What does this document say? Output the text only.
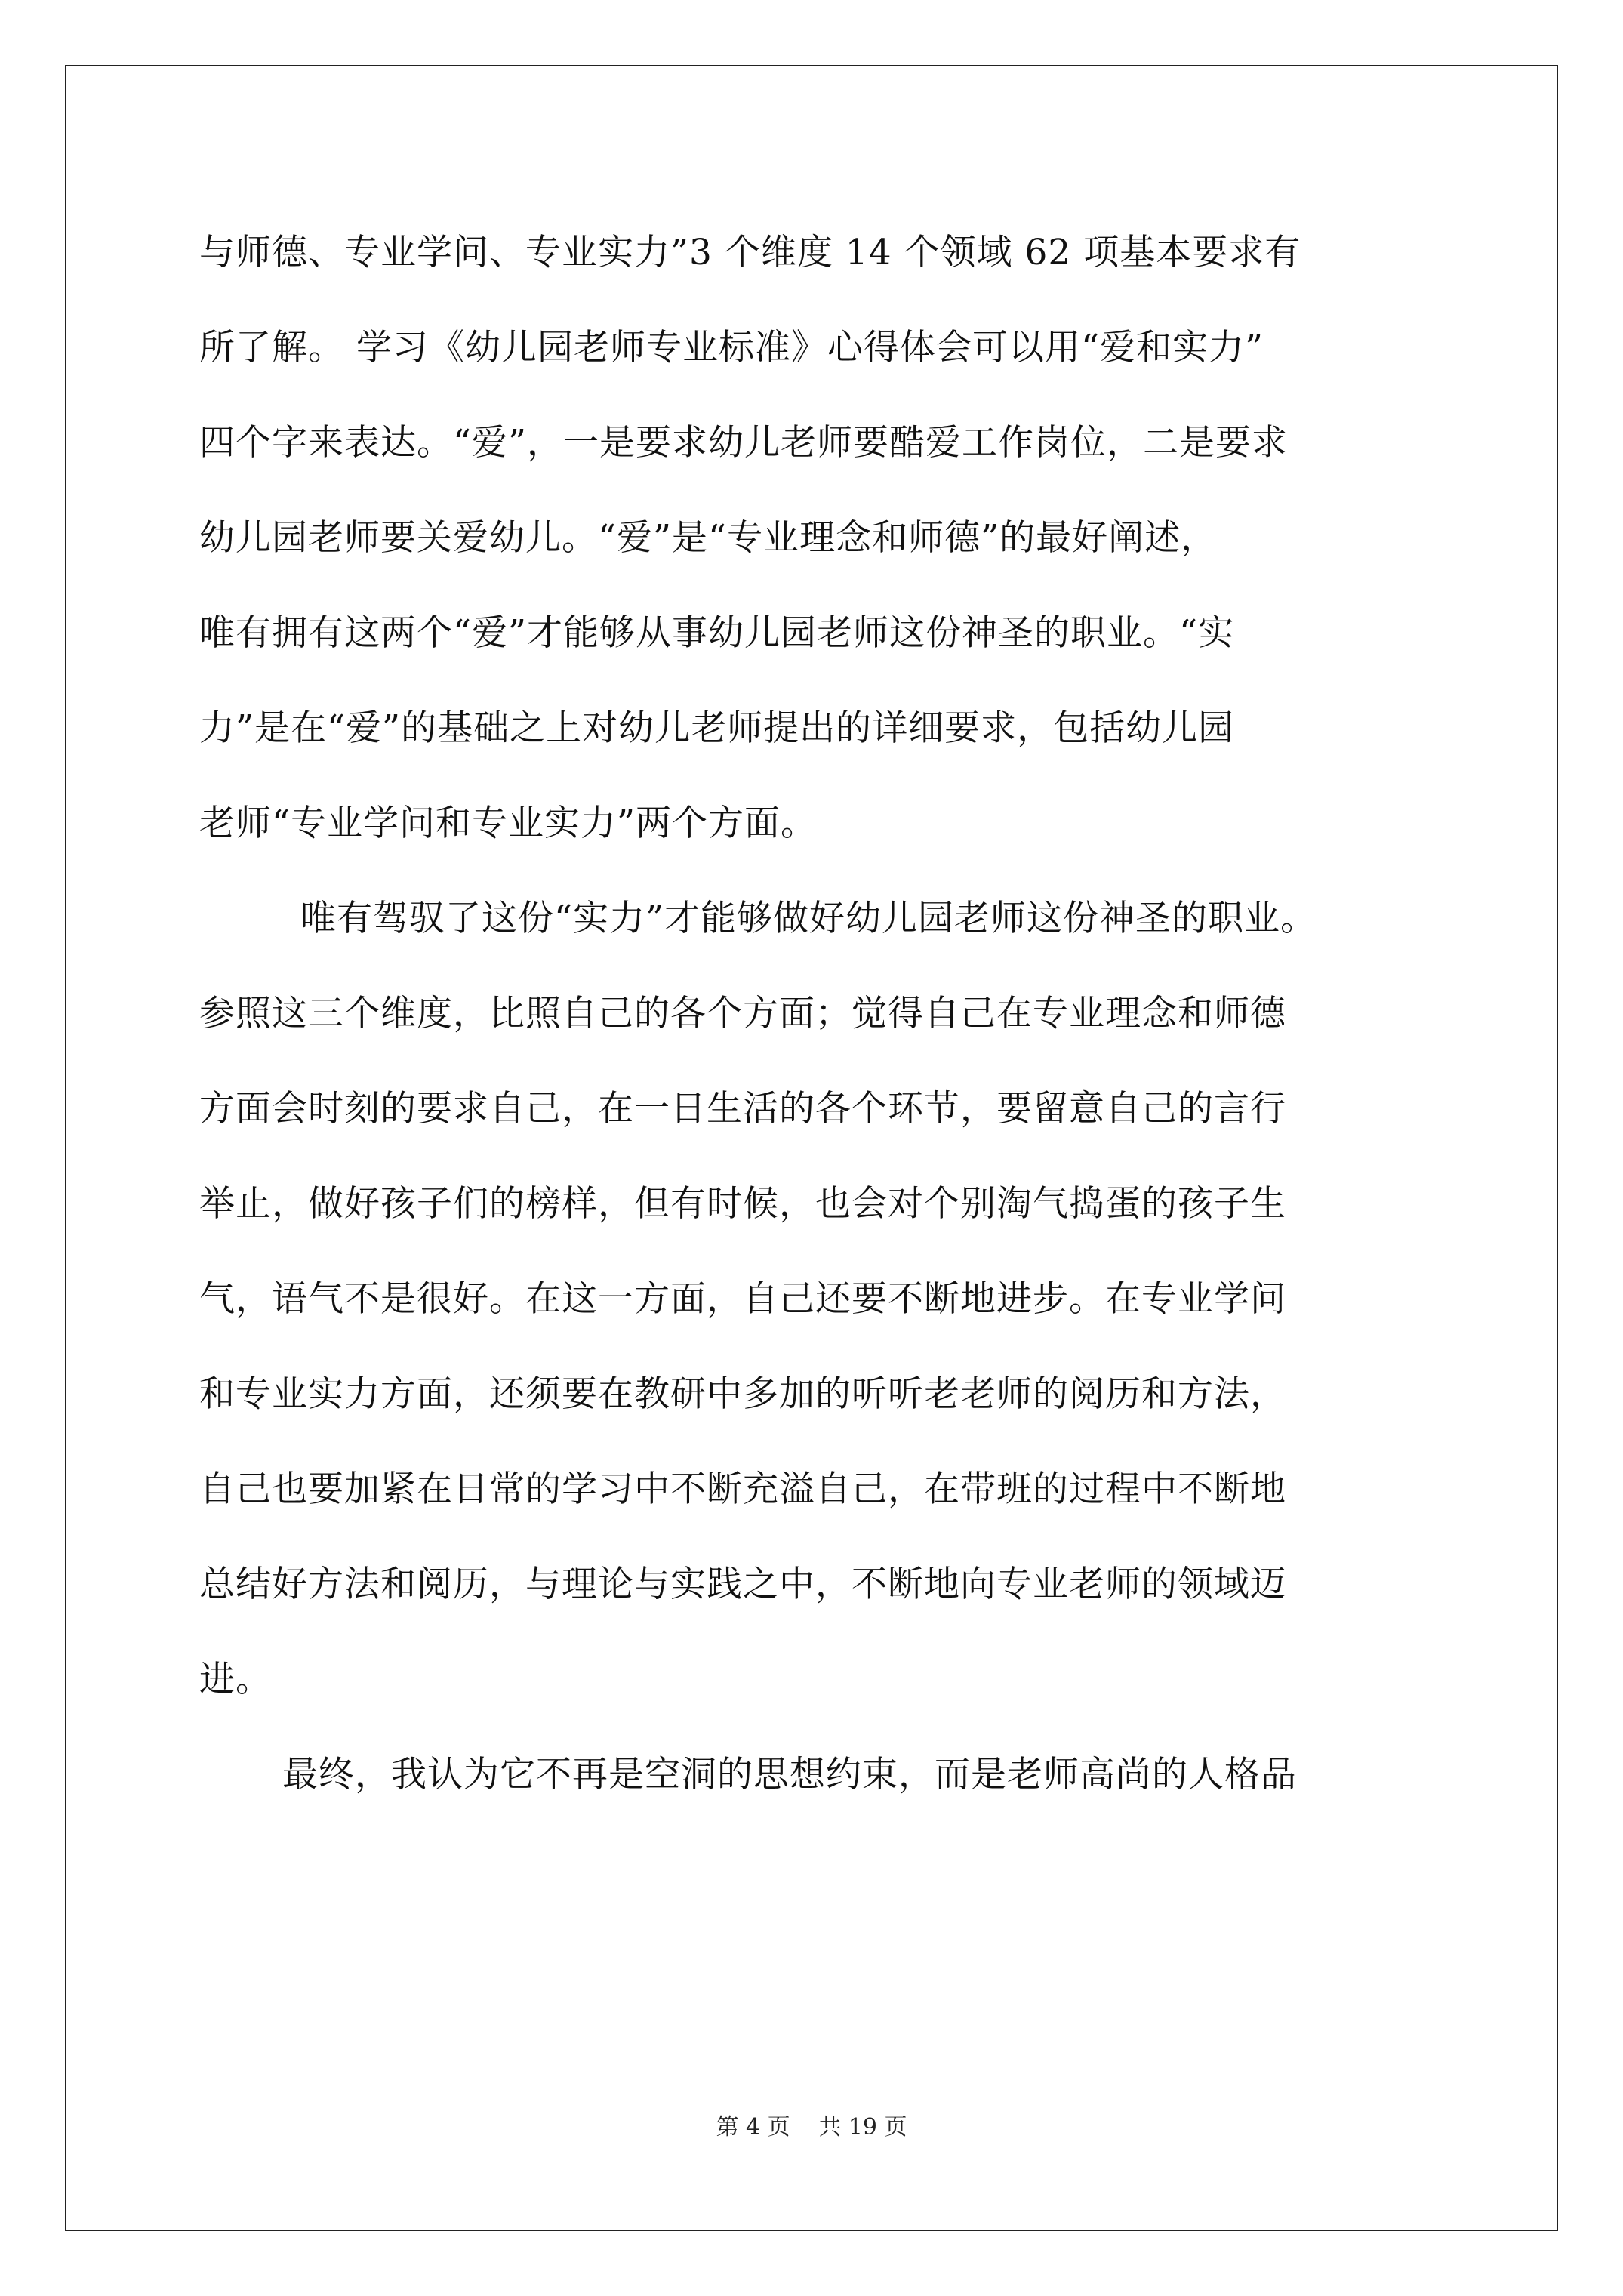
与师德、专业学问、专业实力”3 个维度 14 个领域 62 项基本要求有
所了解。 学习《幼儿园老师专业标准》心得体会可以用“爱和实力”
四个字来表达。“爱”，一是要求幼儿老师要酷爱工作岗位，二是要求
幼儿园老师要关爱幼儿。“爱”是“专业理念和师德”的最好阐述，
唯有拥有这两个“爱”才能够从事幼儿园老师这份神圣的职业。“实
力”是在“爱”的基础之上对幼儿老师提出的详细要求，包括幼儿园
老师“专业学问和专业实力”两个方面。
唯有驾驭了这份“实力”才能够做好幼儿园老师这份神圣的职业。
参照这三个维度，比照自己的各个方面；觉得自己在专业理念和师德
方面会时刻的要求自己，在一日生活的各个环节，要留意自己的言行
举止，做好孩子们的榜样，但有时候，也会对个别淘气捣蛋的孩子生
气，语气不是很好。在这一方面，自己还要不断地进步。在专业学问
和专业实力方面，还须要在教研中多加的听听老老师的阅历和方法，
自己也要加紧在日常的学习中不断充溢自己，在带班的过程中不断地
总结好方法和阅历，与理论与实践之中，不断地向专业老师的领域迈
进。
最终，我认为它不再是空洞的思想约束，而是老师高尚的人格品
第 4 页 共 19 页
